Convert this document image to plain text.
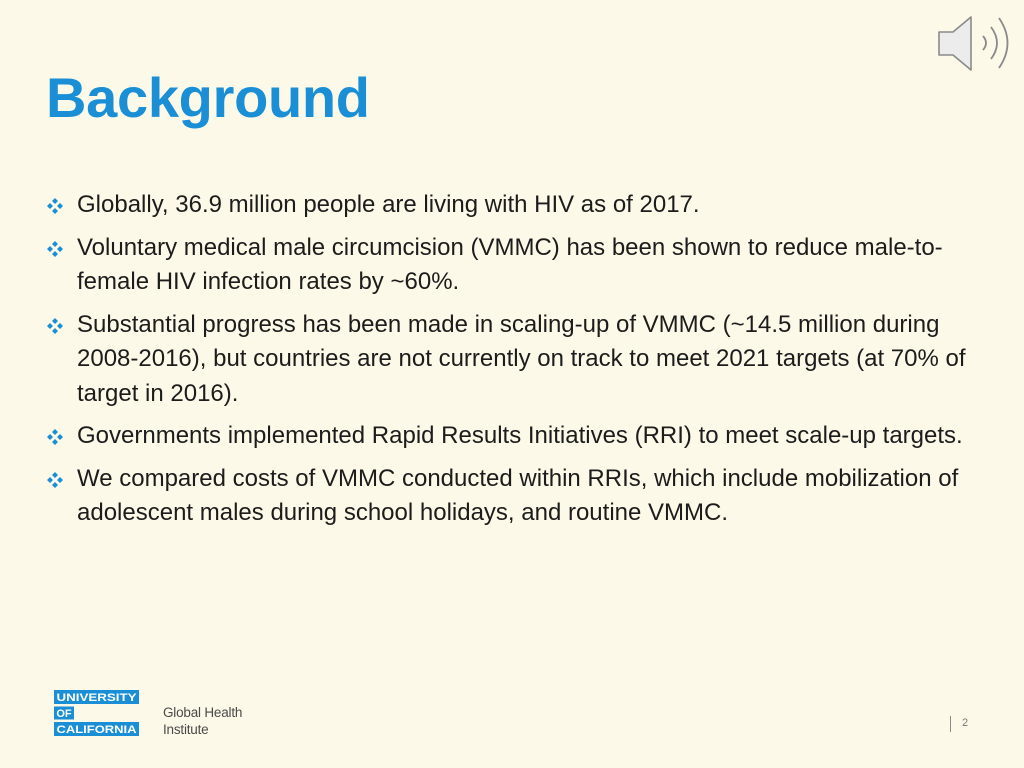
Background
Globally, 36.9 million people are living with HIV as of 2017.
Voluntary medical male circumcision (VMMC) has been shown to reduce male-to-female HIV infection rates by ~60%.
Substantial progress has been made in scaling-up of VMMC (~14.5 million during 2008-2016), but countries are not currently on track to meet 2021 targets (at 70% of target in 2016).
Governments implemented Rapid Results Initiatives (RRI) to meet scale-up targets.
We compared costs of VMMC conducted within RRIs, which include mobilization of adolescent males during school holidays, and routine VMMC.
UNIVERSITY
OF
CALIFORNIA
Global Health
Institute	2
